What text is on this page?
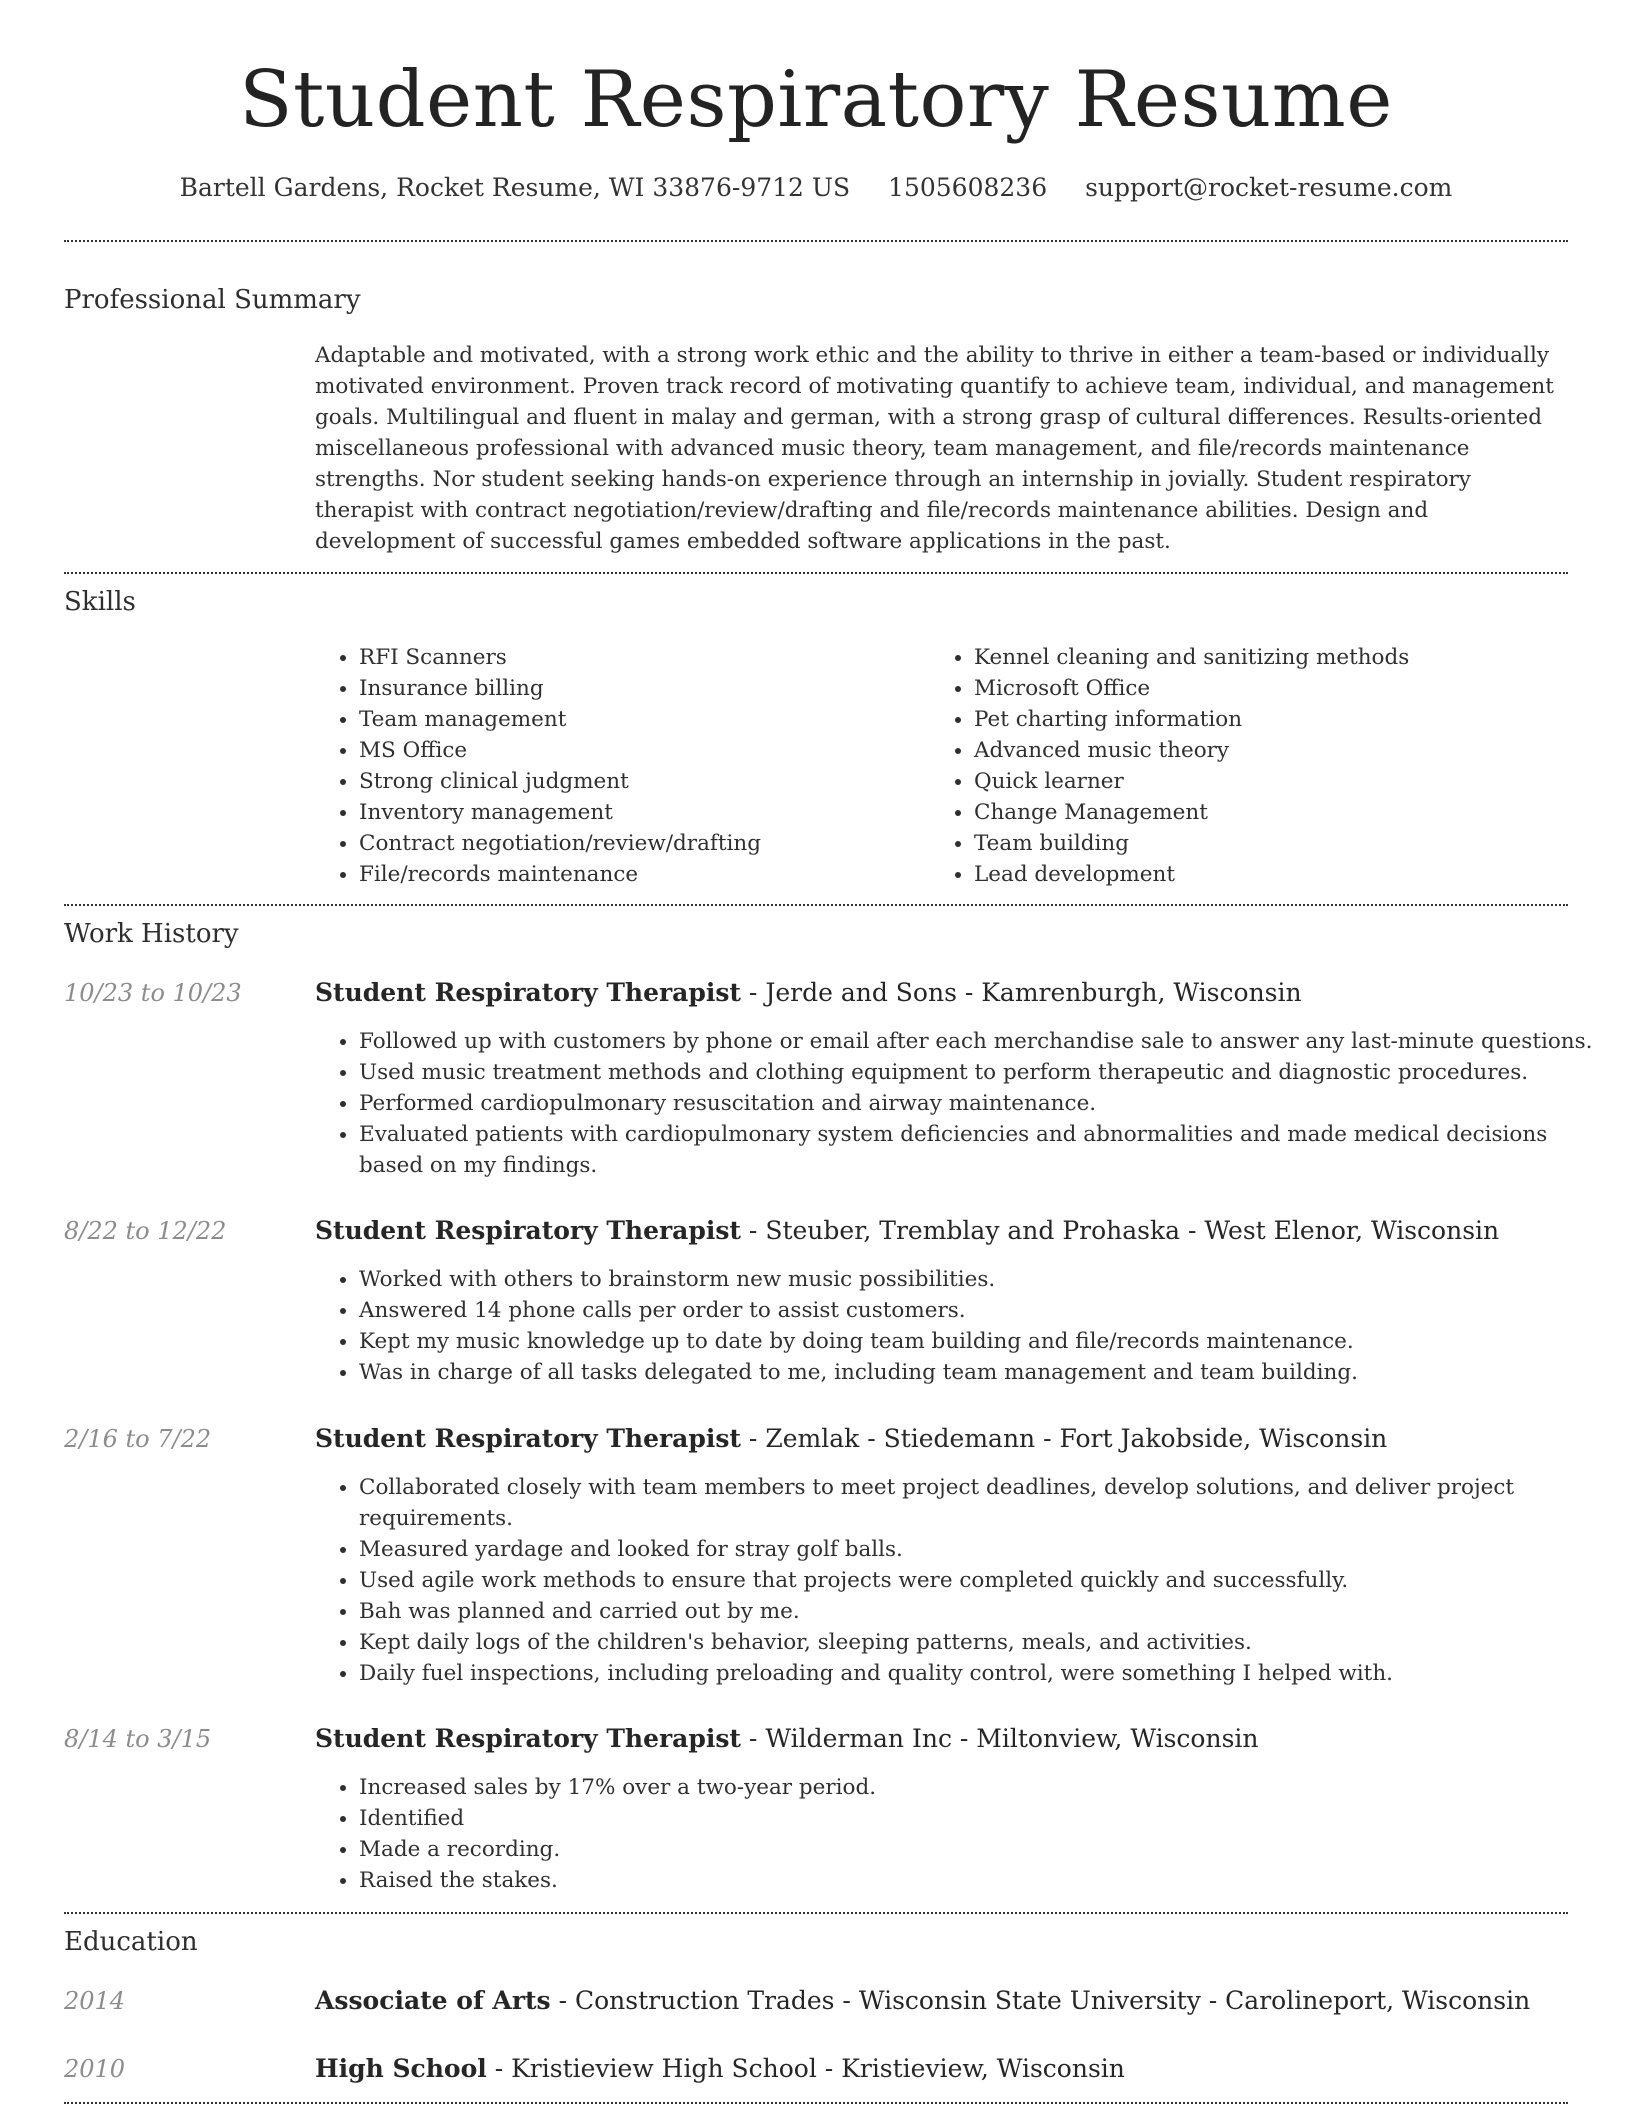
Student Respiratory Resume
Bartell Gardens, Rocket Resume, WI 33876-9712 US 1505608236 support@rocket-resume.com
Professional Summary
Adaptable and motivated, with a strong work ethic and the ability to thrive in either a team-based or individually motivated environment. Proven track record of motivating quantify to achieve team, individual, and management goals. Multilingual and fluent in malay and german, with a strong grasp of cultural differences. Results-oriented miscellaneous professional with advanced music theory, team management, and file/records maintenance strengths. Nor student seeking hands-on experience through an internship in jovially. Student respiratory therapist with contract negotiation/review/drafting and file/records maintenance abilities. Design and development of successful games embedded software applications in the past.
Skills
• RFI Scanners
• Insurance billing
• Team management
• MS Office
• Strong clinical judgment
• Inventory management
• Contract negotiation/review/drafting
• File/records maintenance
• Kennel cleaning and sanitizing methods
• Microsoft Office
• Pet charting information
• Advanced music theory
• Quick learner
• Change Management
• Team building
• Lead development
Work History
10/23 to 10/23	Student Respiratory Therapist - Jerde and Sons - Kamrenburgh, Wisconsin
• Followed up with customers by phone or email after each merchandise sale to answer any last-minute questions.
• Used music treatment methods and clothing equipment to perform therapeutic and diagnostic procedures.
• Performed cardiopulmonary resuscitation and airway maintenance.
• Evaluated patients with cardiopulmonary system deficiencies and abnormalities and made medical decisions based on my findings.
8/22 to 12/22	Student Respiratory Therapist - Steuber, Tremblay and Prohaska - West Elenor, Wisconsin
• Worked with others to brainstorm new music possibilities.
• Answered 14 phone calls per order to assist customers.
• Kept my music knowledge up to date by doing team building and file/records maintenance.
• Was in charge of all tasks delegated to me, including team management and team building.
2/16 to 7/22	Student Respiratory Therapist - Zemlak - Stiedemann - Fort Jakobside, Wisconsin
• Collaborated closely with team members to meet project deadlines, develop solutions, and deliver project requirements.
• Measured yardage and looked for stray golf balls.
• Used agile work methods to ensure that projects were completed quickly and successfully.
• Bah was planned and carried out by me.
• Kept daily logs of the children's behavior, sleeping patterns, meals, and activities.
• Daily fuel inspections, including preloading and quality control, were something I helped with.
8/14 to 3/15	Student Respiratory Therapist - Wilderman Inc - Miltonview, Wisconsin
• Increased sales by 17% over a two-year period.
• Identified
• Made a recording.
• Raised the stakes.
Education
2014	Associate of Arts - Construction Trades - Wisconsin State University - Carolineport, Wisconsin
2010	High School - Kristieview High School - Kristieview, Wisconsin
